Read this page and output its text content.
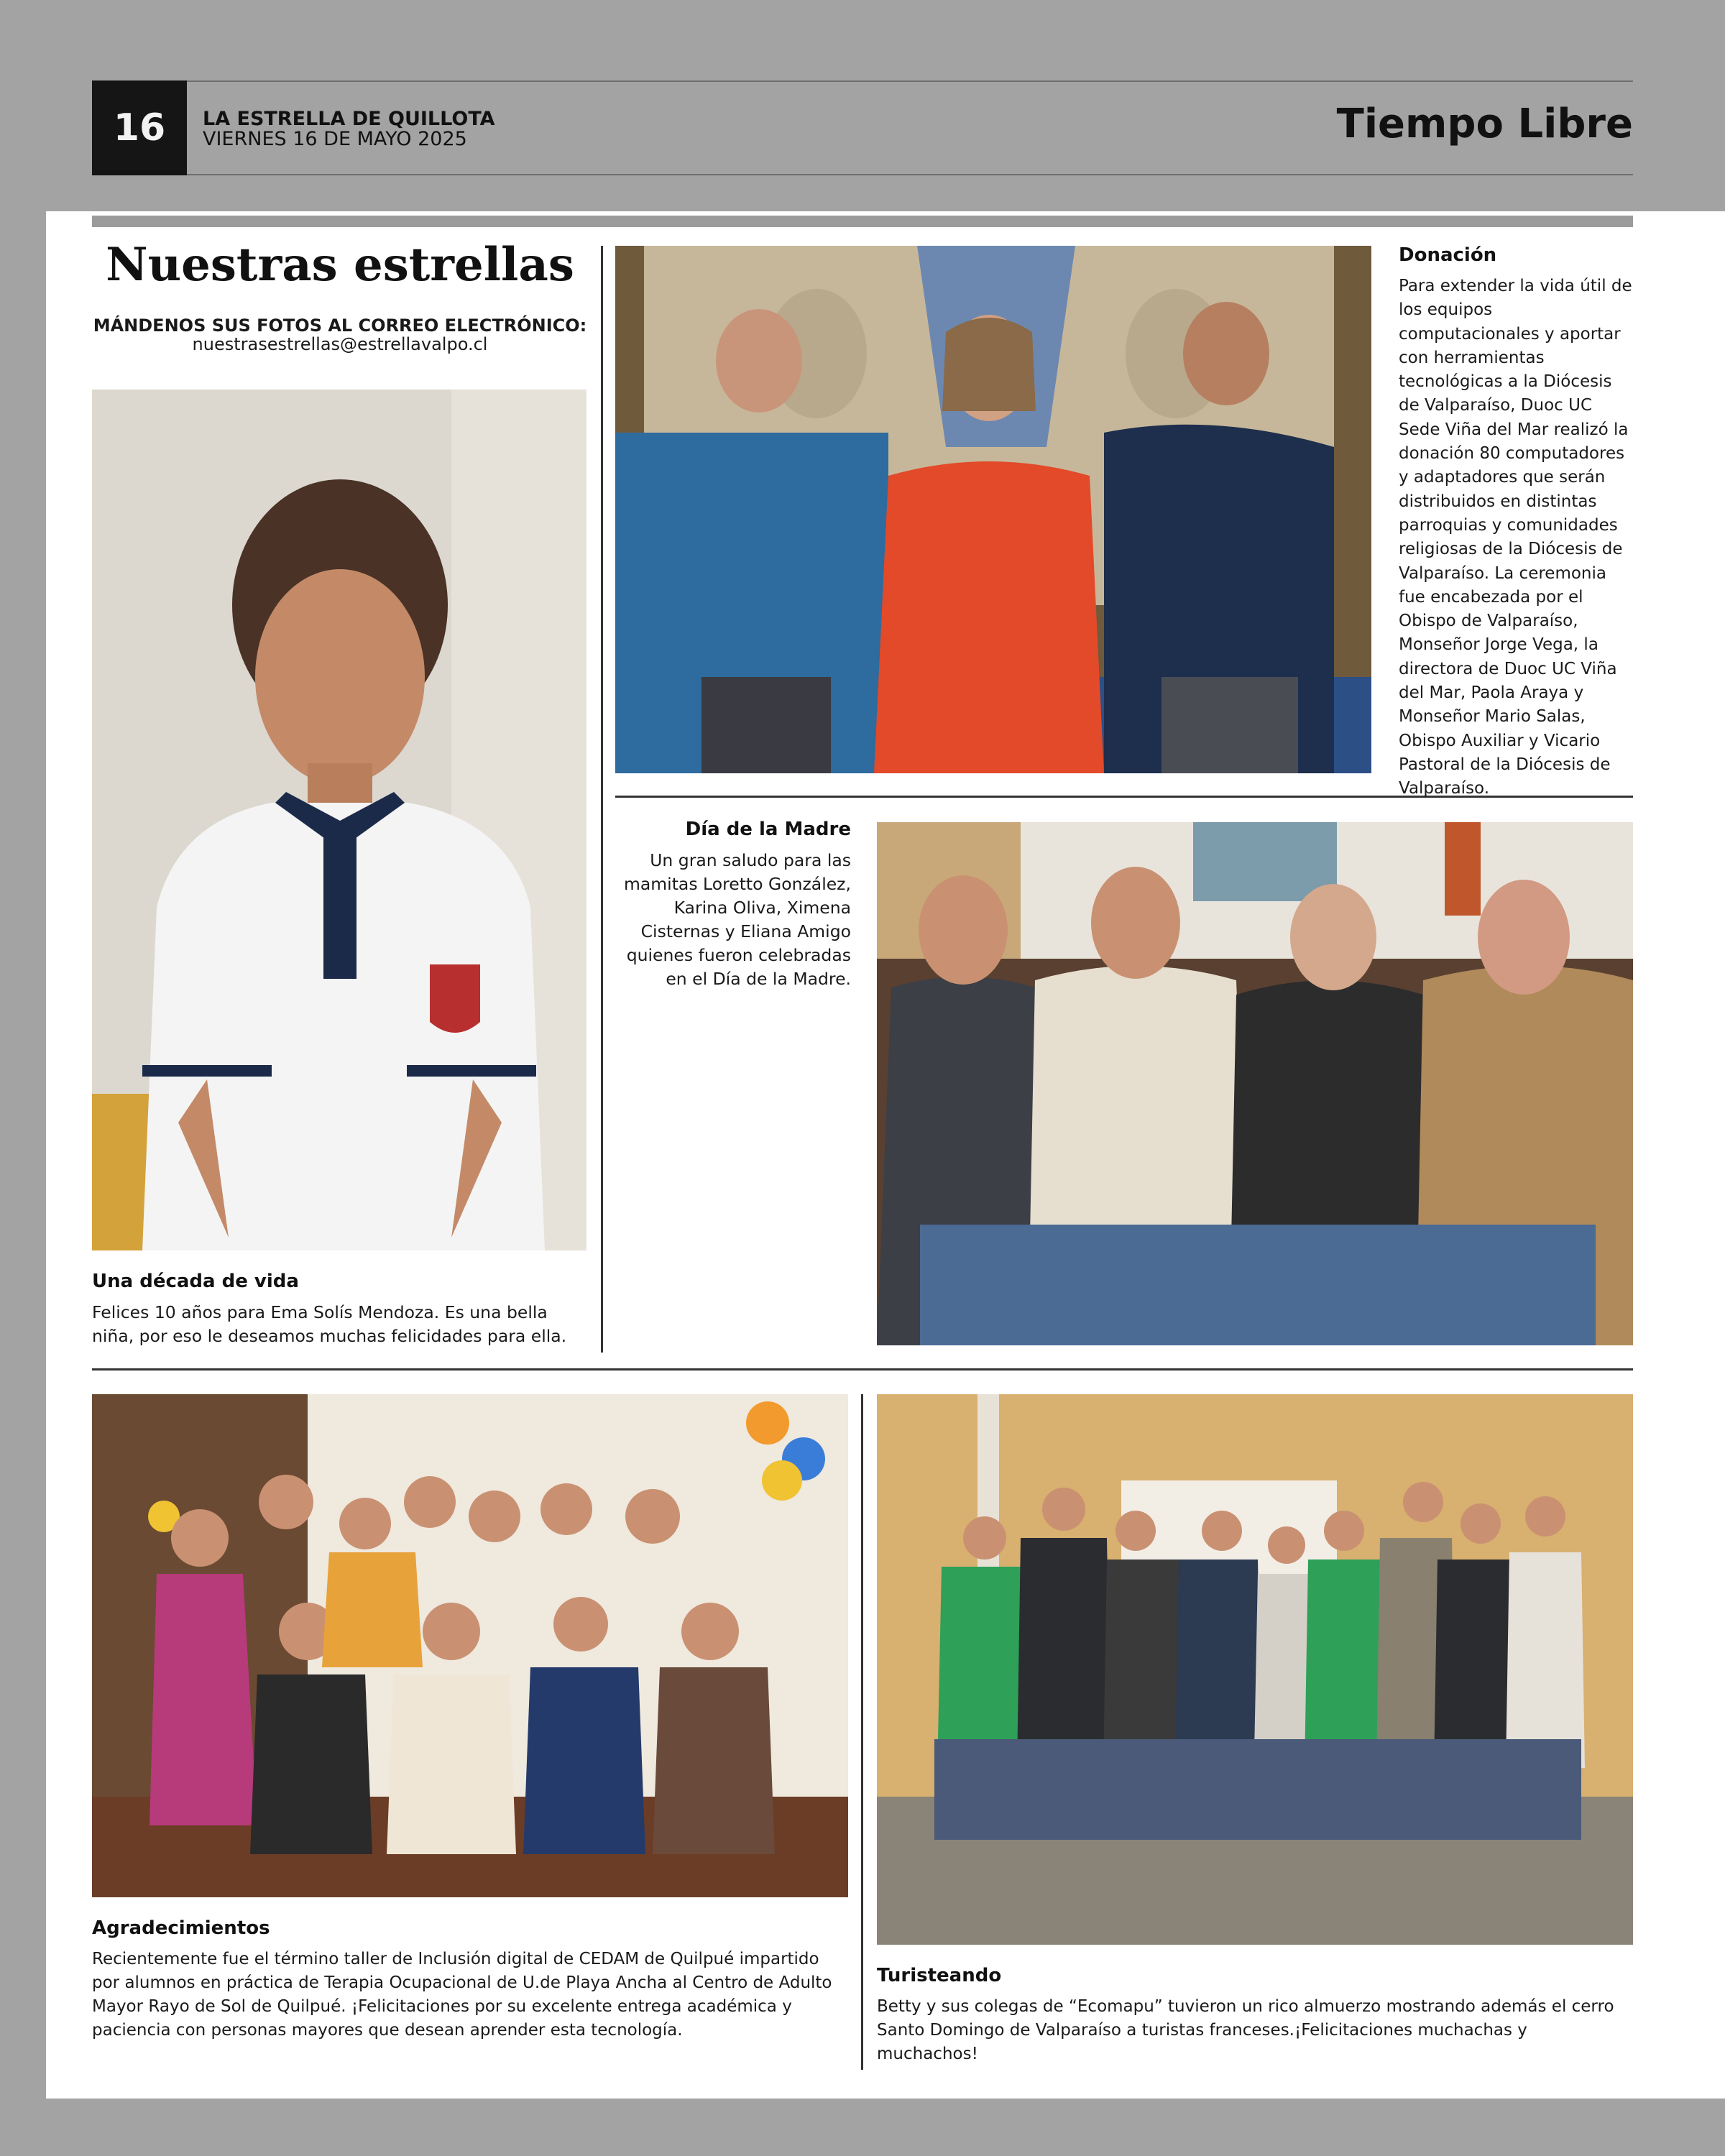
16	LA ESTRELLA DE QUILLOTA
VIERNES 16 DE MAYO 2025	Tiempo Libre
Nuestras estrellas
MÁNDENOS SUS FOTOS AL CORREO ELECTRÓNICO:
nuestrasestrellas@estrellavalpo.cl
Una década de vida
Felices 10 años para Ema Solís Mendoza. Es una bella niña, por eso le deseamos muchas felicidades para ella.
Donación
Para extender la vida útil de los equipos computacionales y aportar con herramientas tecnológicas a la Diócesis de Valparaíso, Duoc UC Sede Viña del Mar realizó la donación 80 computadores y adaptadores que serán distribuidos en distintas parroquias y comunidades religiosas de la Diócesis de Valparaíso. La ceremonia fue encabezada por el Obispo de Valparaíso, Monseñor Jorge Vega, la directora de Duoc UC Viña del Mar, Paola Araya y Monseñor Mario Salas, Obispo Auxiliar y Vicario Pastoral de la Diócesis de Valparaíso.
Día de la Madre
Un gran saludo para las mamitas Loretto González, Karina Oliva, Ximena Cisternas y Eliana Amigo quienes fueron celebradas en el Día de la Madre.
Agradecimientos
Recientemente fue el término taller de Inclusión digital de CEDAM de Quilpué impartido por alumnos en práctica de Terapia Ocupacional de U.de Playa Ancha al Centro de Adulto Mayor Rayo de Sol de Quilpué. ¡Felicitaciones por su excelente entrega académica y paciencia con personas mayores que desean aprender esta tecnología.
Turisteando
Betty y sus colegas de “Ecomapu” tuvieron un rico almuerzo mostrando además el cerro Santo Domingo de Valparaíso a turistas franceses.¡Felicitaciones muchachas y muchachos!
